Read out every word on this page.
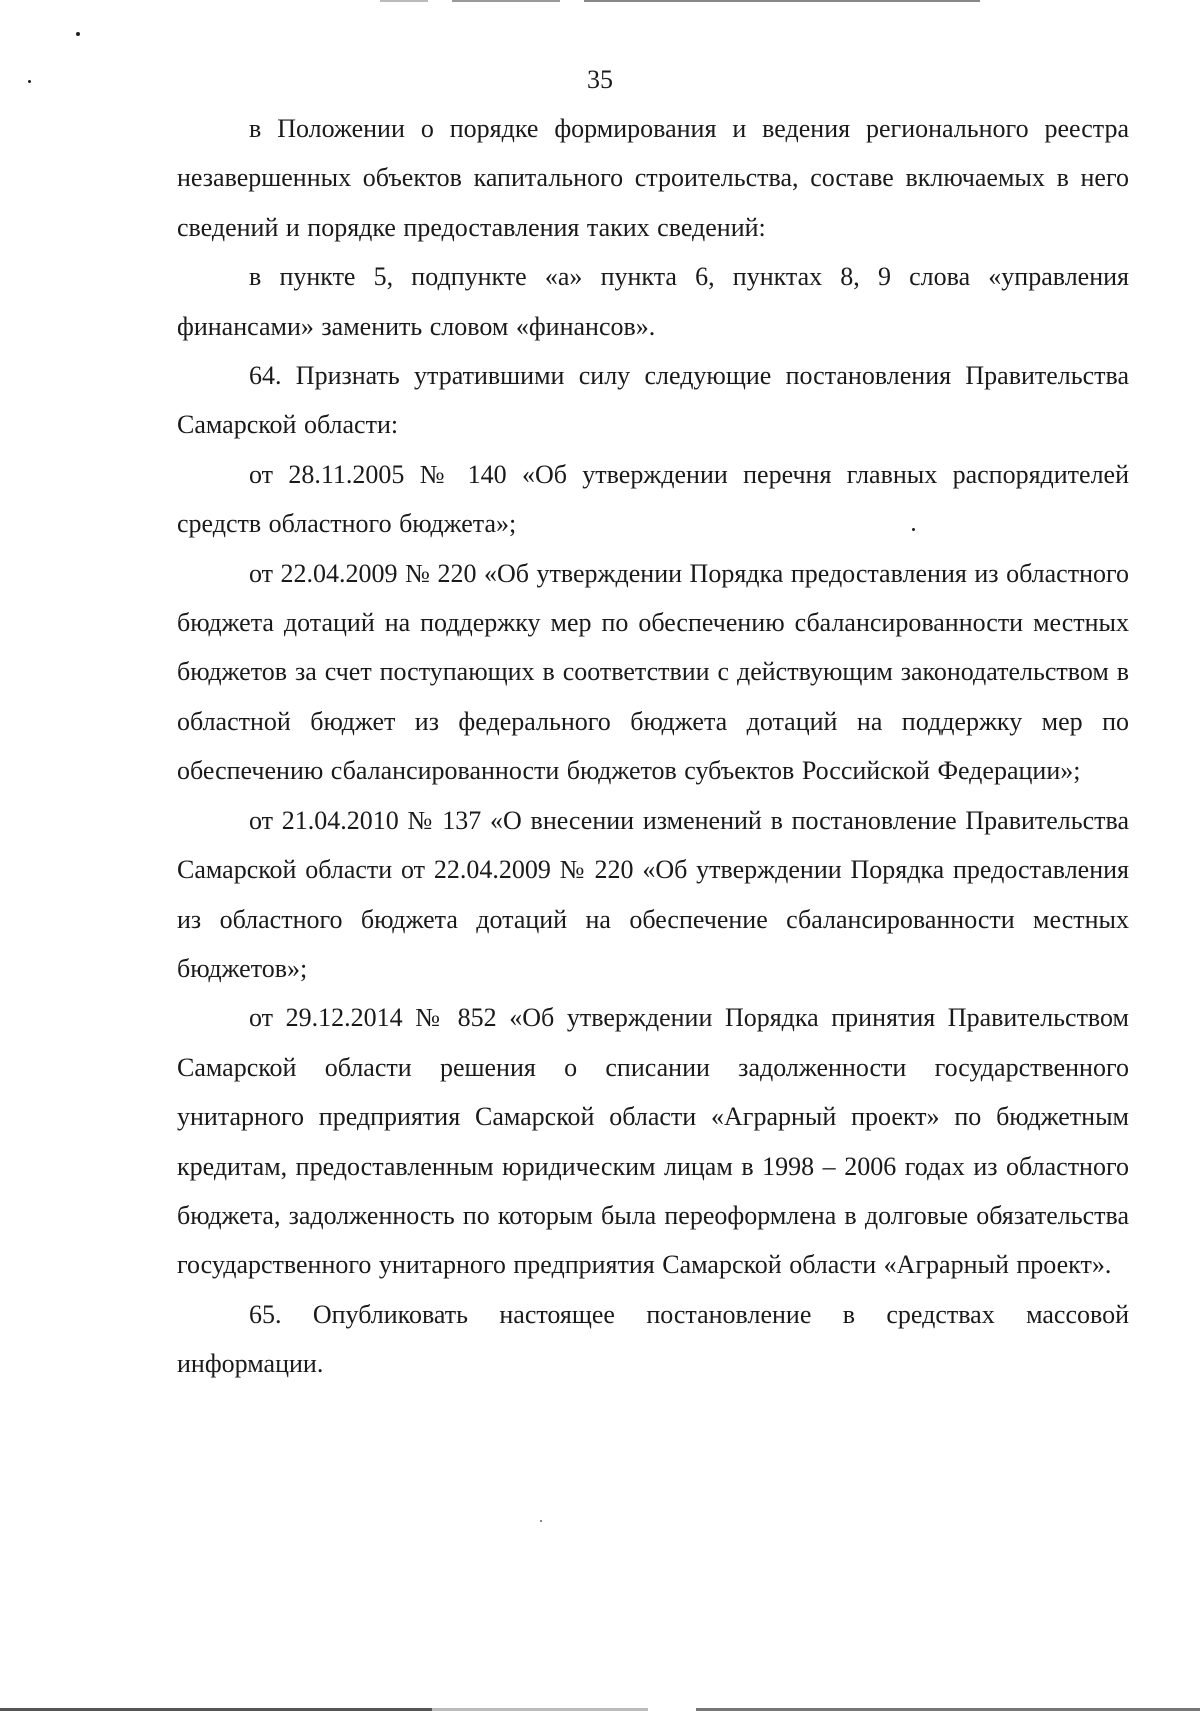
35

в Положении о порядке формирования и ведения регионального реестра незавершенных объектов капитального строительства, составе включаемых в него сведений и порядке предоставления таких сведений:

в пункте 5, подпункте «а» пункта 6, пунктах 8, 9 слова «управления финансами» заменить словом «финансов».

64. Признать утратившими силу следующие постановления Правительства Самарской области:

от 28.11.2005 № 140 «Об утверждении перечня главных распорядителей средств областного бюджета»;

от 22.04.2009 № 220 «Об утверждении Порядка предоставления из областного бюджета дотаций на поддержку мер по обеспечению сбалансированности местных бюджетов за счет поступающих в соответствии с действующим законодательством в областной бюджет из федерального бюджета дотаций на поддержку мер по обеспечению сбалансированности бюджетов субъектов Российской Федерации»;

от 21.04.2010 № 137 «О внесении изменений в постановление Правительства Самарской области от 22.04.2009 № 220 «Об утверждении Порядка предоставления из областного бюджета дотаций на обеспечение сбалансированности местных бюджетов»;

от 29.12.2014 № 852 «Об утверждении Порядка принятия Правительством Самарской области решения о списании задолженности государственного унитарного предприятия Самарской области «Аграрный проект» по бюджетным кредитам, предоставленным юридическим лицам в 1998 – 2006 годах из областного бюджета, задолженность по которым была переоформлена в долговые обязательства государственного унитарного предприятия Самарской области «Аграрный проект».

65. Опубликовать настоящее постановление в средствах массовой информации.
